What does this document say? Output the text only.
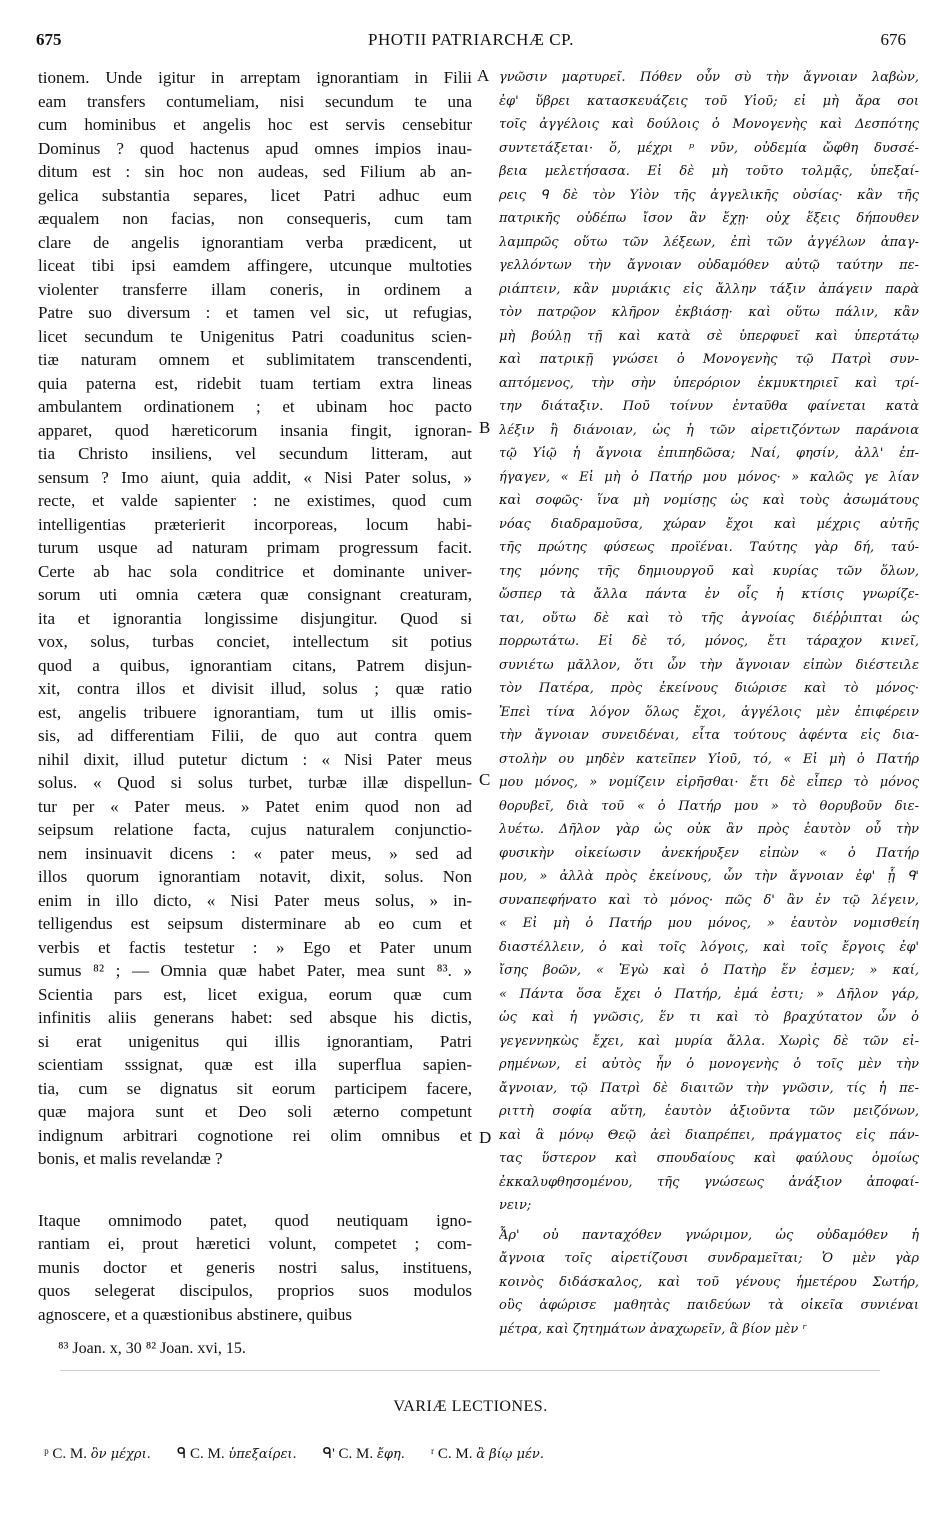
675	PHOTII PATRIARCHÆ CP.	676
tionem. Unde igitur in arreptam ignorantiam in Filii
eam transfers contumeliam, nisi secundum te una
cum hominibus et angelis hoc est servis censebitur
Dominus ? quod hactenus apud omnes impios inau-
ditum est : sin hoc non audeas, sed Filium ab an-
gelica substantia separes, licet Patri adhuc eum
æqualem non facias, non consequeris, cum tam
clare de angelis ignorantiam verba prædicent, ut
liceat tibi ipsi eamdem affingere, utcunque multoties
violenter transferre illam coneris, in ordinem a
Patre suo diversum : et tamen vel sic, ut refugias,
licet secundum te Unigenitus Patri coadunitus scien-
tiæ naturam omnem et sublimitatem transcendenti,
quia paterna est, ridebit tuam tertiam extra lineas
ambulantem ordinationem ; et ubinam hoc pacto
apparet, quod hæreticorum insania fingit, ignoran-
tia Christo insiliens, vel secundum litteram, aut
sensum ? Imo aiunt, quia addit, « Nisi Pater solus, »
recte, et valde sapienter : ne existimes, quod cum
intelligentias præterierit incorporeas, locum habi-
turum usque ad naturam primam progressum facit.
Certe ab hac sola conditrice et dominante univer-
sorum uti omnia cætera quæ consignant creaturam,
ita et ignorantia longissime disjungitur. Quod si
vox, solus, turbas conciet, intellectum sit potius
quod a quibus, ignorantiam citans, Patrem disjun-
xit, contra illos et divisit illud, solus ; quæ ratio
est, angelis tribuere ignorantiam, tum ut illis omis-
sis, ad differentiam Filii, de quo aut contra quem
nihil dixit, illud putetur dictum : « Nisi Pater meus
solus. « Quod si solus turbet, turbæ illæ dispellun-
tur per « Pater meus. » Patet enim quod non ad
seipsum relatione facta, cujus naturalem conjunctio-
nem insinuavit dicens : « pater meus, » sed ad
illos quorum ignorantiam notavit, dixit, solus. Non
enim in illo dicto, « Nisi Pater meus solus, » in-
telligendus est seipsum disterminare ab eo cum et
verbis et factis testetur : » Ego et Pater unum
sumus ⁸² ; — Omnia quæ habet Pater, mea sunt ⁸³. »
Scientia pars est, licet exigua, eorum quæ cum
infinitis aliis generans habet: sed absque his dictis,
si erat unigenitus qui illis ignorantiam, Patri
scientiam sssignat, quæ est illa superflua sapien-
tia, cum se dignatus sit eorum participem facere,
quæ majora sunt et Deo soli æterno competunt
indignum arbitrari cognotione rei olim omnibus et
bonis, et malis revelandæ ?
Itaque omnimodo patet, quod neutiquam igno-
rantiam ei, prout hæretici volunt, competet ; com-
munis doctor et generis nostri salus, instituens,
quos selegerat discipulos, proprios suos modulos
agnoscere, et a quæstionibus abstinere, quibus
γνῶσιν μαρτυρεῖ. Πόθεν οὖν σὺ τὴν ἄγνοιαν λαβὼν,
ἐφ' ὕβρει κατασκευάζεις τοῦ Υἱοῦ; εἰ μὴ ἄρα σοι
τοῖς ἀγγέλοις καὶ δούλοις ὁ Μονογενὴς καὶ Δεσπότης
συντετάξεται· ὅ, μέχρι ᵖ νῦν, οὐδεμία ὤφθη δυσσέ-
βεια μελετήσασα. Εἰ δὲ μὴ τοῦτο τολμᾷς, ὑπεξαί-
ρεις ᑫ δὲ τὸν Υἱὸν τῆς ἀγγελικῆς οὐσίας· κἂν τῆς
πατρικῆς οὐδέπω ἴσον ἂν ἔχῃ· οὐχ ἕξεις δήπουθεν
λαμπρῶς οὕτω τῶν λέξεων, ἐπὶ τῶν ἀγγέλων ἀπαγ-
γελλόντων τὴν ἄγνοιαν οὐδαμόθεν αὐτῷ ταύτην πε-
ριάπτειν, κἂν μυριάκις εἰς ἄλλην τάξιν ἀπάγειν παρὰ
τὸν πατρῷον κλῆρον ἐκβιάσῃ· καὶ οὕτω πάλιν, κἂν
μὴ βούλῃ τῇ καὶ κατὰ σὲ ὑπερφυεῖ καὶ ὑπερτάτῳ
καὶ πατρικῇ γνώσει ὁ Μονογενὴς τῷ Πατρὶ συν-
απτόμενος, τὴν σὴν ὑπερόριον ἐκμυκτηριεῖ καὶ τρί-
την διάταξιν. Ποῦ τοίνυν ἐνταῦθα φαίνεται κατὰ
λέξιν ἢ διάνοιαν, ὡς ἡ τῶν αἱρετιζόντων παράνοια
τῷ Υἱῷ ἡ ἄγνοια ἐπιπηδῶσα; Ναί, φησίν, ἀλλ' ἐπ-
ήγαγεν, « Εἰ μὴ ὁ Πατήρ μου μόνος· » καλῶς γε λίαν
καὶ σοφῶς· ἵνα μὴ νομίσῃς ὡς καὶ τοὺς ἀσωμάτους
νόας διαδραμοῦσα, χώραν ἔχοι καὶ μέχρις αὐτῆς
τῆς πρώτης φύσεως προϊέναι. Ταύτης γὰρ δή, ταύ-
της μόνης τῆς δημιουργοῦ καὶ κυρίας τῶν ὅλων,
ὥσπερ τὰ ἄλλα πάντα ἐν οἷς ἡ κτίσις γνωρίζε-
ται, οὕτω δὲ καὶ τὸ τῆς ἀγνοίας διέῤῥιπται ὡς
πορρωτάτω. Εἰ δὲ τό, μόνος, ἔτι τάραχον κινεῖ,
συνιέτω μᾶλλον, ὅτι ὧν τὴν ἄγνοιαν εἰπὼν διέστειλε
τὸν Πατέρα, πρὸς ἐκείνους διώρισε καὶ τὸ μόνος·
Ἐπεὶ τίνα λόγον ὅλως ἔχοι, ἀγγέλοις μὲν ἐπιφέρειν
τὴν ἄγνοιαν συνειδέναι, εἶτα τούτους ἀφέντα εἰς δια-
στολὴν ου μηδὲν κατεῖπεν Υἱοῦ, τό, « Εἰ μὴ ὁ Πατήρ
μου μόνος, » νομίζειν εἰρῆσθαι· ἔτι δὲ εἶπερ τὸ μόνος
θορυβεῖ, διὰ τοῦ « ὁ Πατήρ μου » τὸ θορυβοῦν διε-
λυέτω. Δῆλον γὰρ ὡς οὐκ ἂν πρὸς ἑαυτὸν οὗ τὴν
φυσικὴν οἰκείωσιν ἀνεκήρυξεν εἰπὼν « ὁ Πατήρ
μου, » ἀλλὰ πρὸς ἐκείνους, ὧν τὴν ἄγνοιαν ἐφ' ᾗ ᑫ'
συναπεφήνατο καὶ τὸ μόνος· πῶς δ' ἂν ἐν τῷ λέγειν,
« Εἰ μὴ ὁ Πατήρ μου μόνος, » ἑαυτὸν νομισθείη
διαστέλλειν, ὁ καὶ τοῖς λόγοις, καὶ τοῖς ἔργοις ἐφ'
ἴσης βοῶν, « Ἐγὼ καὶ ὁ Πατὴρ ἕν ἐσμεν; » καί,
« Πάντα ὅσα ἔχει ὁ Πατήρ, ἐμά ἐστι; » Δῆλον γάρ,
ὡς καὶ ἡ γνῶσις, ἕν τι καὶ τὸ βραχύτατον ὧν ὁ
γεγεννηκὼς ἔχει, καὶ μυρία ἄλλα. Χωρὶς δὲ τῶν εἰ-
ρημένων, εἰ αὐτὸς ἦν ὁ μονογενὴς ὁ τοῖς μὲν τὴν
ἄγνοιαν, τῷ Πατρὶ δὲ διαιτῶν τὴν γνῶσιν, τίς ἡ πε-
ριττὴ σοφία αὕτη, ἑαυτὸν ἀξιοῦντα τῶν μειζόνων,
καὶ ἃ μόνῳ Θεῷ ἀεὶ διαπρέπει, πράγματος εἰς πάν-
τας ὕστερον καὶ σπουδαίους καὶ φαύλους ὁμοίως
ἐκκαλυφθησομένου, τῆς γνώσεως ἀνάξιον ἀποφαί-
νειν;
Ἆρ' οὐ πανταχόθεν γνώριμον, ὡς οὐδαμόθεν ἡ
ἄγνοια τοῖς αἱρετίζουσι συνδραμεῖται; Ὁ μὲν γὰρ
κοινὸς διδάσκαλος, καὶ τοῦ γένους ἡμετέρου Σωτήρ,
οὓς ἀφώρισε μαθητὰς παιδεύων τὰ οἰκεῖα συνιέναι
μέτρα, καὶ ζητημάτων ἀναχωρεῖν, ἃ βίον μὲν ʳ
A
B
C
D
⁸³ Joan. x, 30 ⁸² Joan. xvi, 15.
VARIÆ LECTIONES.
ᵖ C. M. ὃν μέχρι. ᑫ C. M. ὑπεξαίρει. ᑫ' C. M. ἔφη. ʳ C. M. ἃ βίῳ μέν.
